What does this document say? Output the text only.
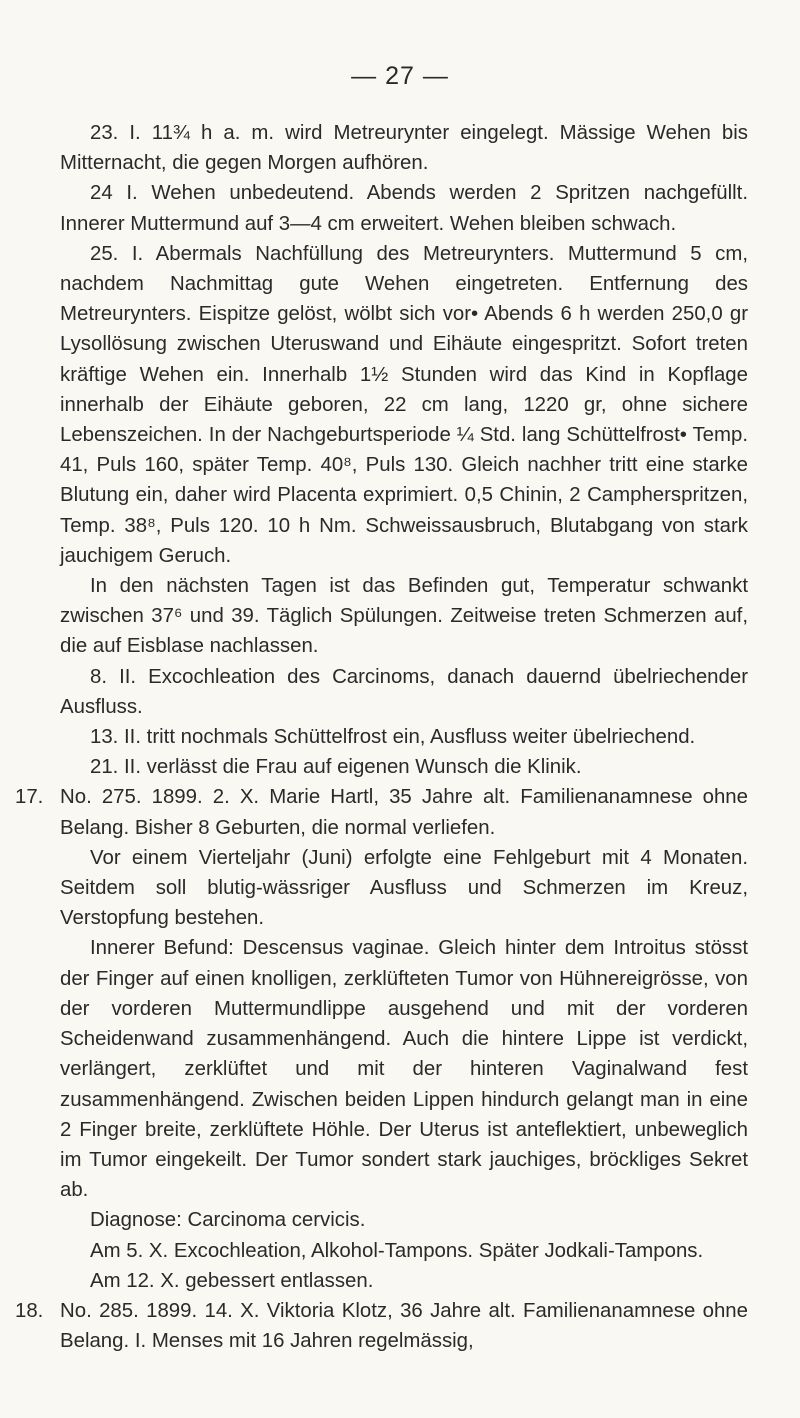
— 27 —

23. I. 11¾ h a. m. wird Metreurynter eingelegt. Mässige Wehen bis Mitternacht, die gegen Morgen aufhören.

24 I. Wehen unbedeutend. Abends werden 2 Spritzen nachgefüllt. Innerer Muttermund auf 3—4 cm erweitert. Wehen bleiben schwach.

25. I. Abermals Nachfüllung des Metreurynters. Muttermund 5 cm, nachdem Nachmittag gute Wehen eingetreten. Entfernung des Metreurynters. Eispitze gelöst, wölbt sich vor• Abends 6 h werden 250,0 gr Lysollösung zwischen Uteruswand und Eihäute eingespritzt. Sofort treten kräftige Wehen ein. Innerhalb 1½ Stunden wird das Kind in Kopflage innerhalb der Eihäute geboren, 22 cm lang, 1220 gr, ohne sichere Lebenszeichen. In der Nachgeburtsperiode ¼ Std. lang Schüttelfrost• Temp. 41, Puls 160, später Temp. 40⁸, Puls 130. Gleich nachher tritt eine starke Blutung ein, daher wird Placenta exprimiert. 0,5 Chinin, 2 Campherspritzen, Temp. 38⁸, Puls 120. 10 h Nm. Schweissausbruch, Blutabgang von stark jauchigem Geruch.

In den nächsten Tagen ist das Befinden gut, Temperatur schwankt zwischen 37⁶ und 39. Täglich Spülungen. Zeitweise treten Schmerzen auf, die auf Eisblase nachlassen.

8. II. Excochleation des Carcinoms, danach dauernd übelriechender Ausfluss.

13. II. tritt nochmals Schüttelfrost ein, Ausfluss weiter übelriechend.

21. II. verlässt die Frau auf eigenen Wunsch die Klinik.

17. No. 275. 1899. 2. X. Marie Hartl, 35 Jahre alt. Familienanamnese ohne Belang. Bisher 8 Geburten, die normal verliefen.

Vor einem Vierteljahr (Juni) erfolgte eine Fehlgeburt mit 4 Monaten. Seitdem soll blutig-wässriger Ausfluss und Schmerzen im Kreuz, Verstopfung bestehen.

Innerer Befund: Descensus vaginae. Gleich hinter dem Introitus stösst der Finger auf einen knolligen, zerklüfteten Tumor von Hühnereigrösse, von der vorderen Muttermundlippe ausgehend und mit der vorderen Scheidenwand zusammenhängend. Auch die hintere Lippe ist verdickt, verlängert, zerklüftet und mit der hinteren Vaginalwand fest zusammenhängend. Zwischen beiden Lippen hindurch gelangt man in eine 2 Finger breite, zerklüftete Höhle. Der Uterus ist anteflektiert, unbeweglich im Tumor eingekeilt. Der Tumor sondert stark jauchiges, bröckliges Sekret ab.

Diagnose: Carcinoma cervicis.

Am 5. X. Excochleation, Alkohol-Tampons. Später Jodkali-Tampons.

Am 12. X. gebessert entlassen.

18. No. 285. 1899. 14. X. Viktoria Klotz, 36 Jahre alt. Familienanamnese ohne Belang. I. Menses mit 16 Jahren regelmässig,
